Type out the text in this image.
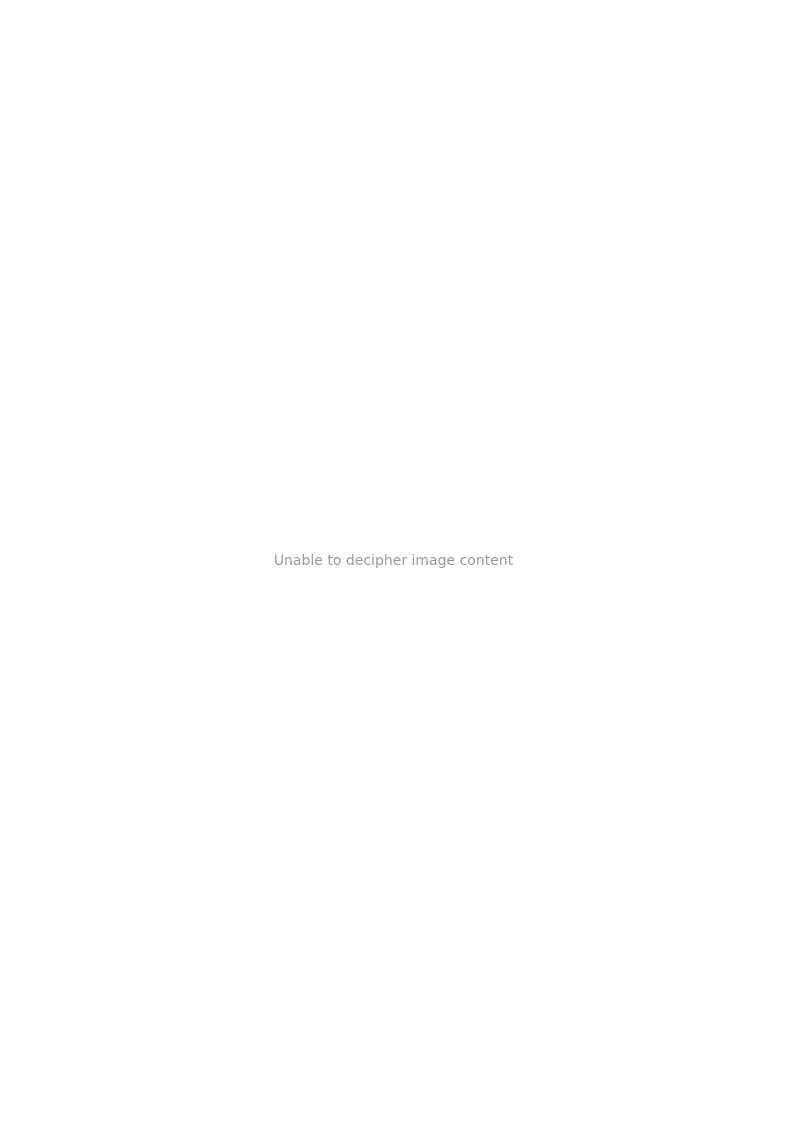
Unable to decipher image content
